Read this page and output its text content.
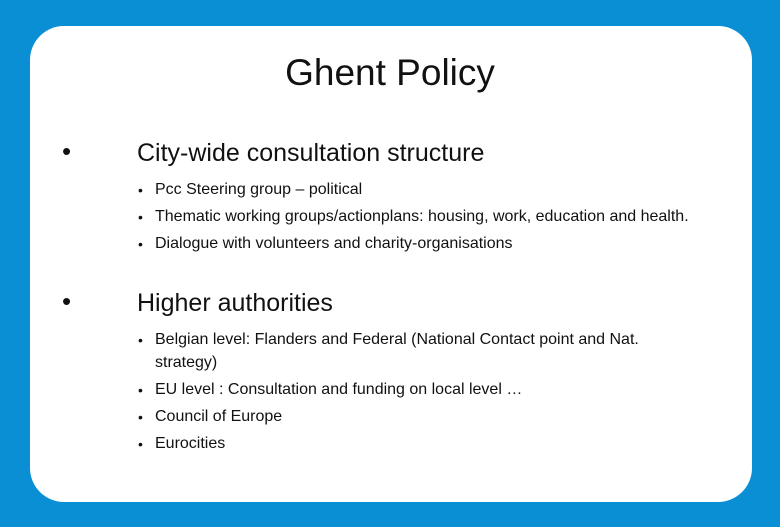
Ghent Policy
•	City-wide consultation structure
• Pcc Steering group – political
• Thematic working groups/actionplans: housing, work, education and health.
• Dialogue with volunteers and charity-organisations
•	Higher authorities
• Belgian level: Flanders and Federal (National Contact point and Nat. strategy)
• EU level : Consultation and funding on local level …
• Council of Europe
• Eurocities
